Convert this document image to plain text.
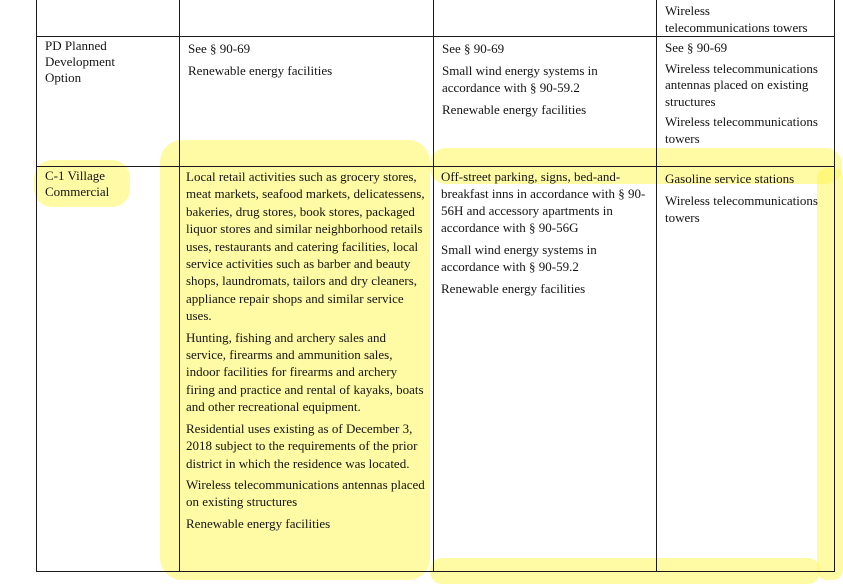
Wireless
telecommunications towers
PD Planned
Development
Option

See § 90-69

Renewable energy facilities

See § 90-69

Small wind energy systems in accordance with § 90-59.2

Renewable energy facilities

See § 90-69

Wireless telecommunications antennas placed on existing structures

Wireless telecommunications towers

C-1 Village
Commercial

Local retail activities such as grocery stores, meat markets, seafood markets, delicatessens, bakeries, drug stores, book stores, packaged liquor stores and similar neighborhood retails uses, restaurants and catering facilities, local service activities such as barber and beauty shops, laundromats, tailors and dry cleaners, appliance repair shops and similar service uses.

Hunting, fishing and archery sales and service, firearms and ammunition sales, indoor facilities for firearms and archery firing and practice and rental of kayaks, boats and other recreational equipment.

Residential uses existing as of December 3, 2018 subject to the requirements of the prior district in which the residence was located.

Wireless telecommunications antennas placed on existing structures

Renewable energy facilities

Off-street parking, signs, bed-and-breakfast inns in accordance with § 90-56H and accessory apartments in accordance with § 90-56G

Small wind energy systems in accordance with § 90-59.2

Renewable energy facilities

Gasoline service stations

Wireless telecommunications towers
